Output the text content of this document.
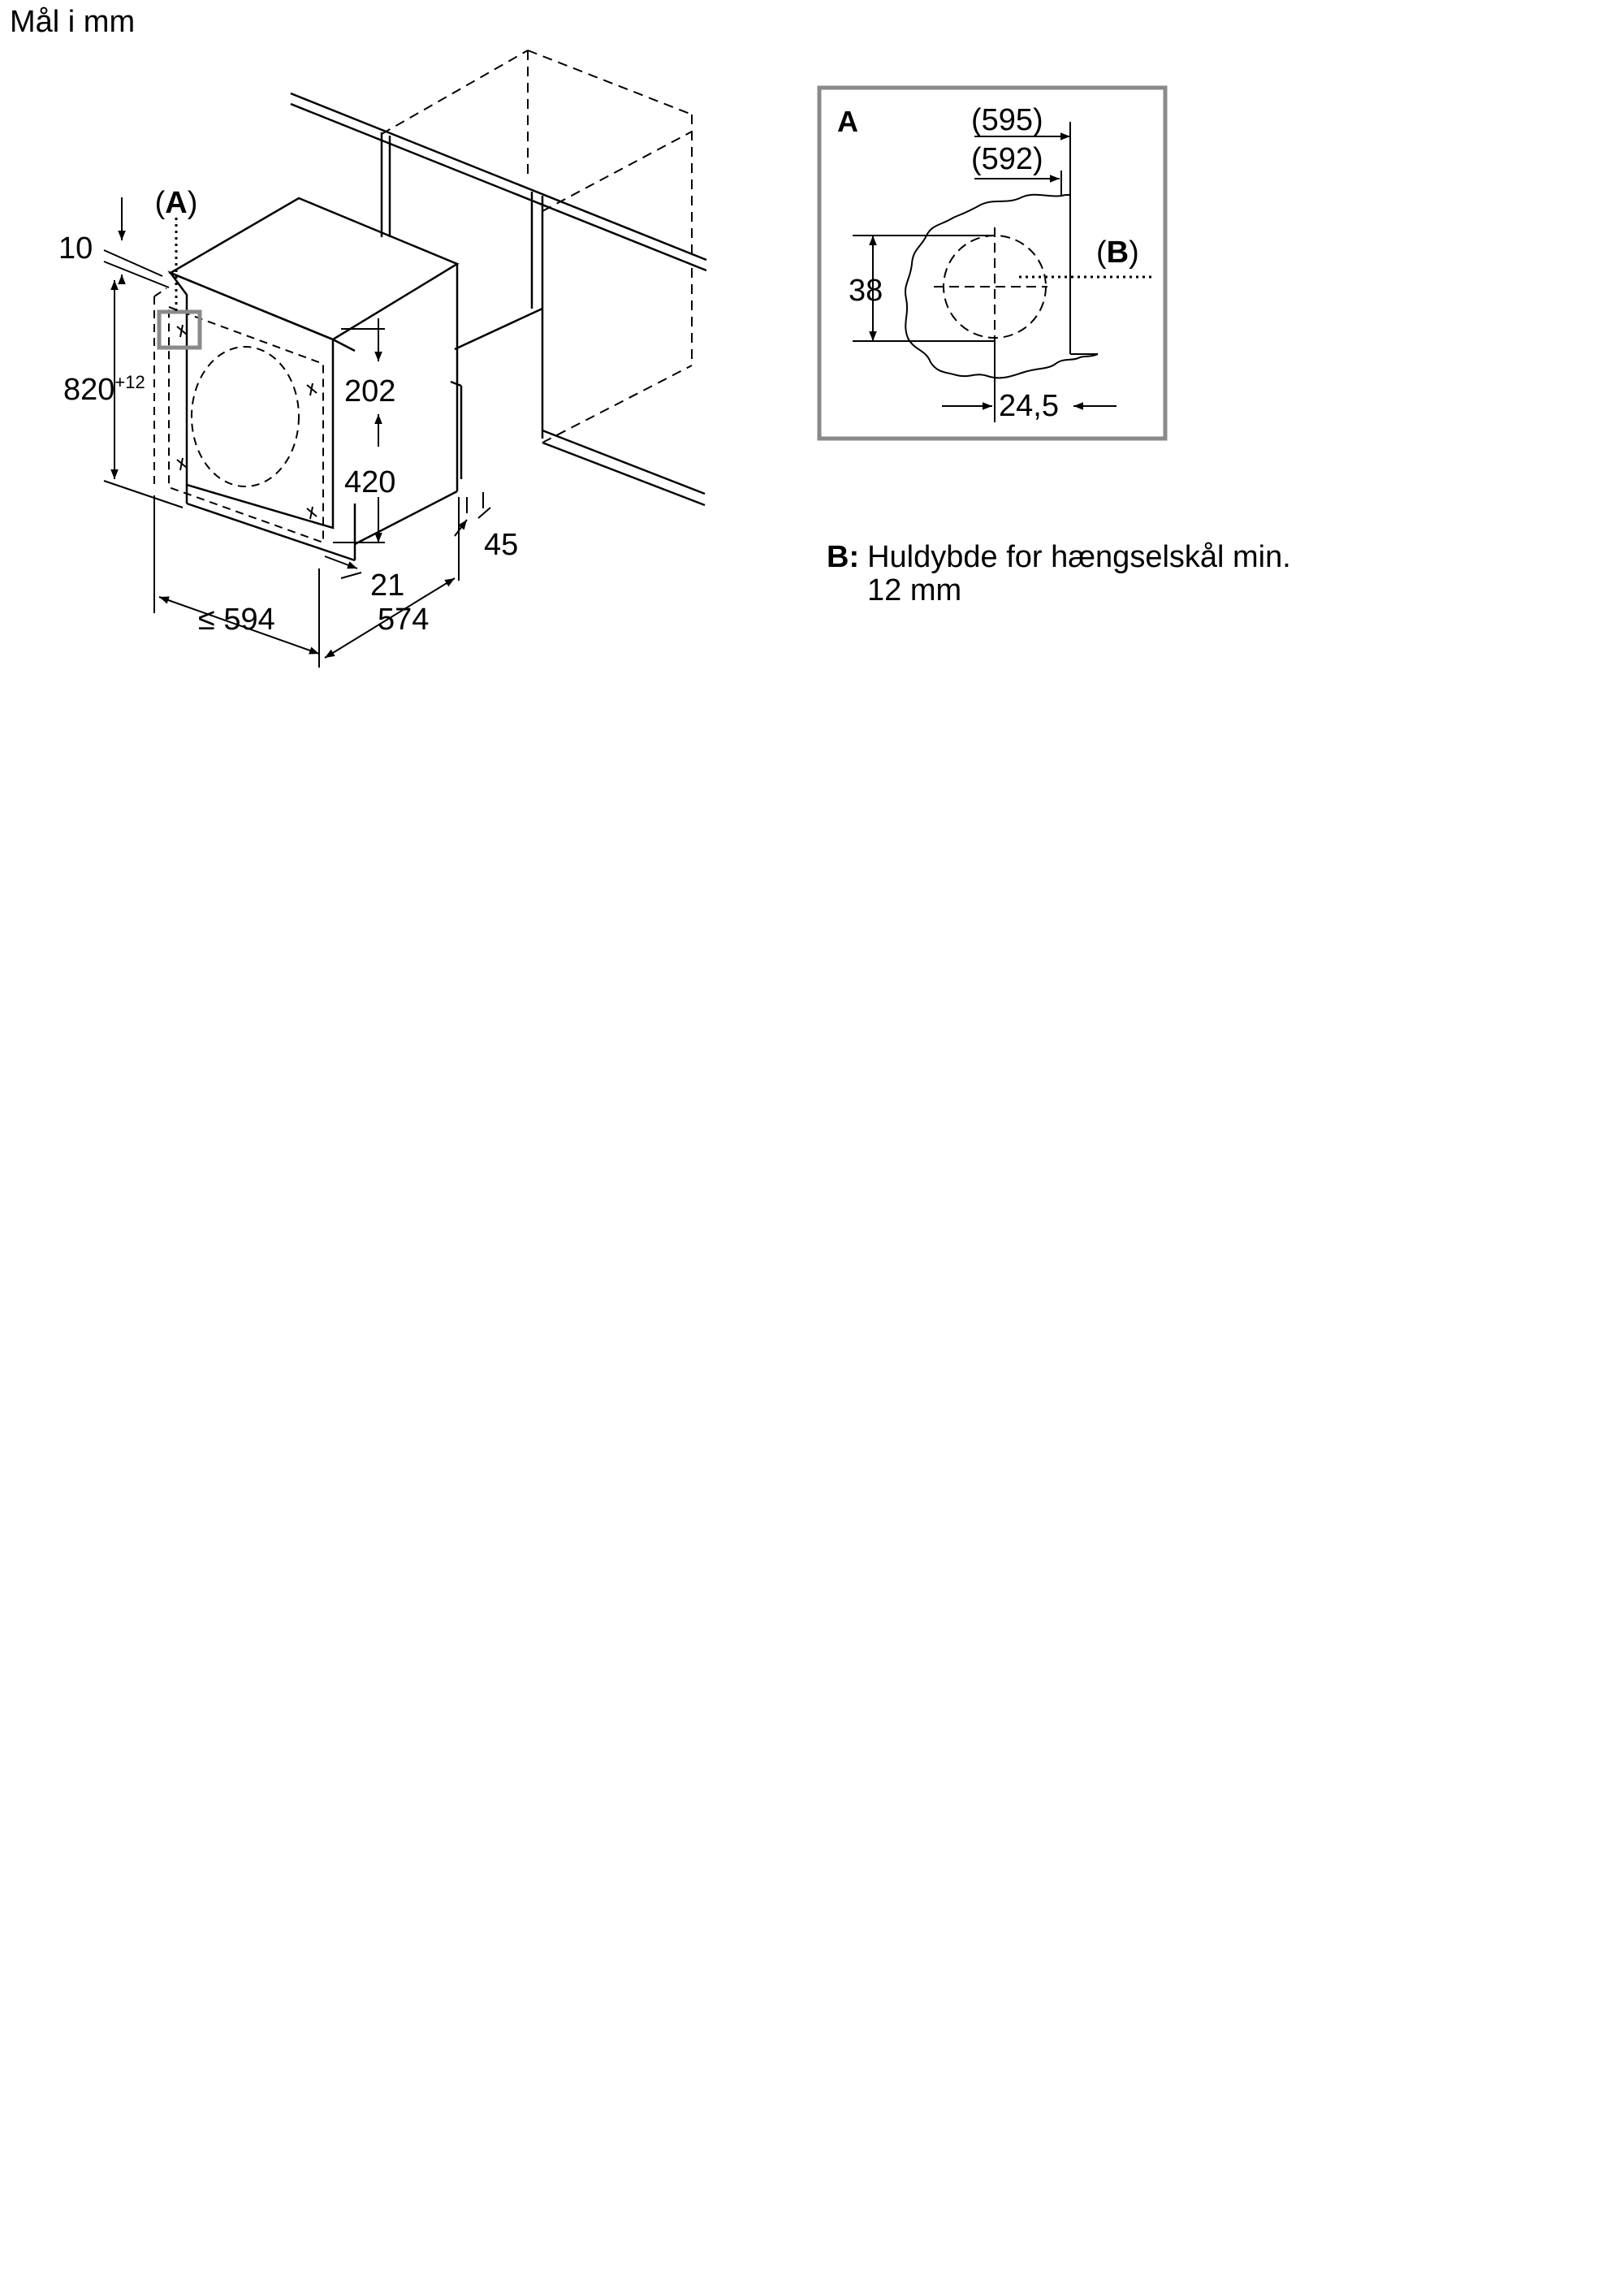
Mål i mm
(A)
10
$820^{+12}$	202
420
21
45
≤ 594	574
A	(595)
(592)
38
24,5
(B)
B: Huldybde for hængselskål min.
12 mm
